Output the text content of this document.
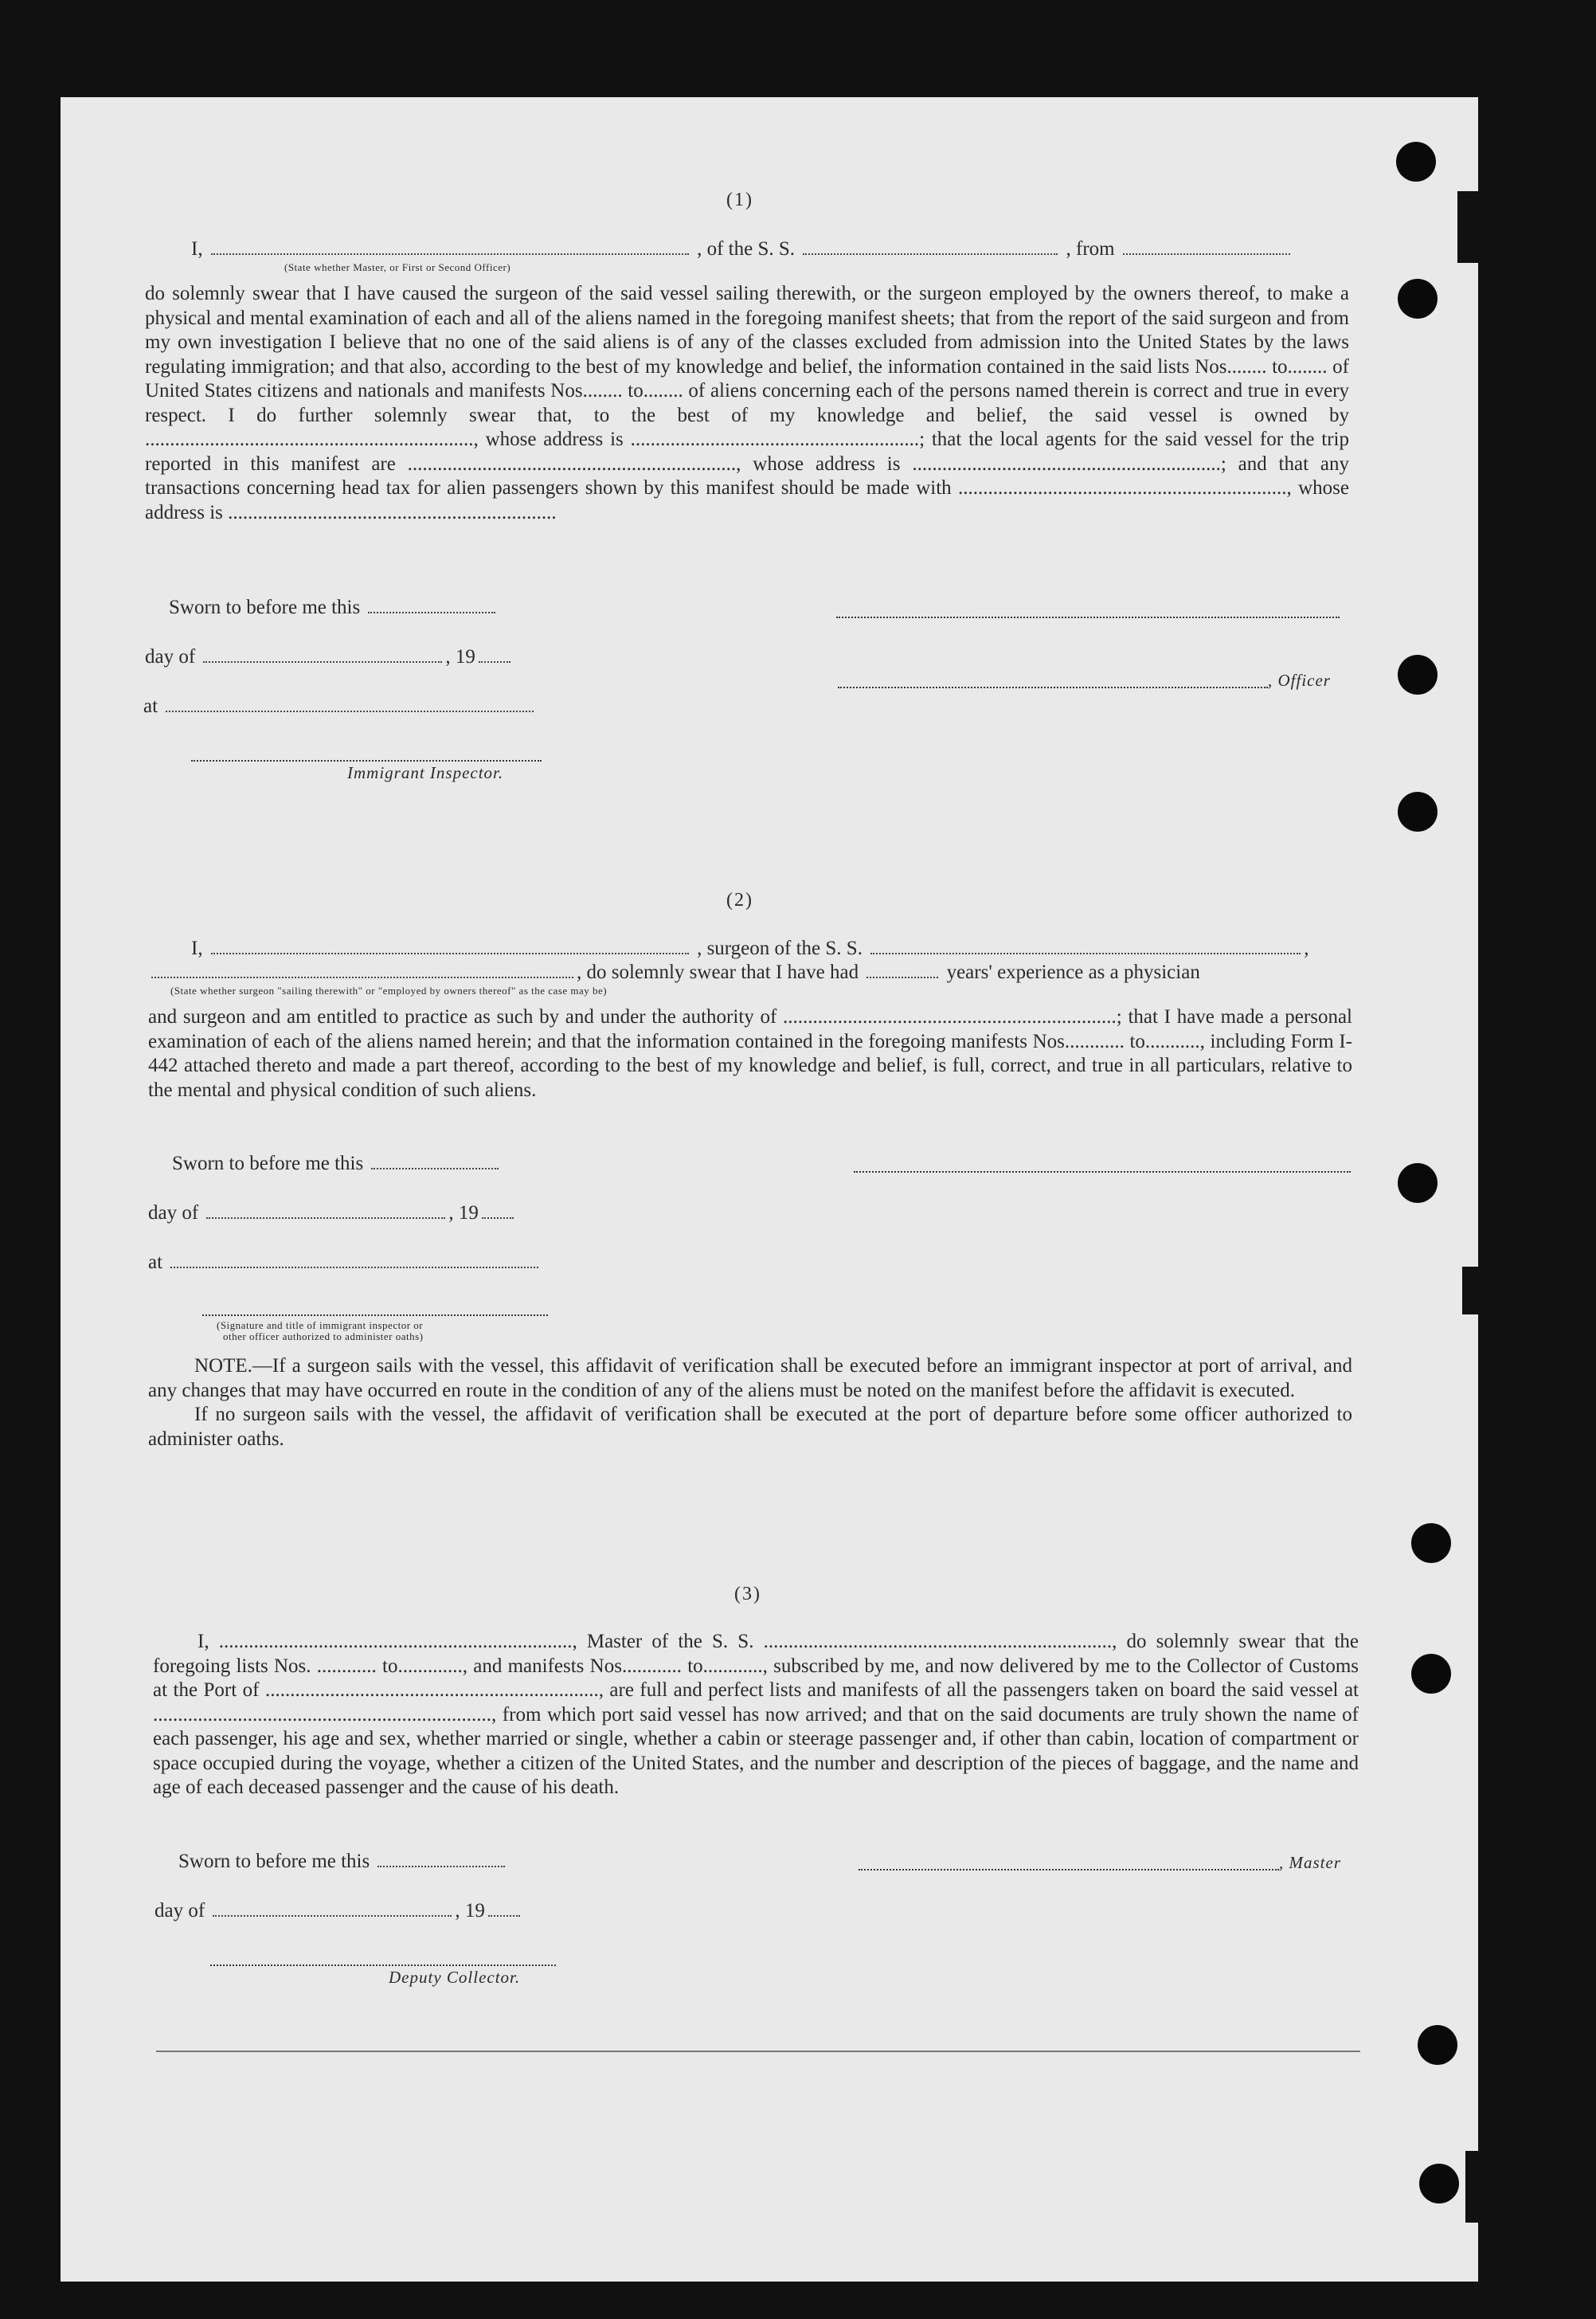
(1)
I,	, of the S. S.	, from
(State whether Master, or First or Second Officer)

do solemnly swear that I have caused the surgeon of the said vessel sailing therewith, or the surgeon employed by the owners thereof, to make a physical and mental examination of each and all of the aliens named in the foregoing manifest sheets; that from the report of the said surgeon and from my own investigation I believe that no one of the said aliens is of any of the classes excluded from admission into the United States by the laws regulating immigration; and that also, according to the best of my knowledge and belief, the information contained in the said lists Nos........ to........ of United States citizens and nationals and manifests Nos........ to........ of aliens concerning each of the persons named therein is correct and true in every respect. I do further solemnly swear that, to the best of my knowledge and belief, the said vessel is owned by .................................................................., whose address is ..........................................................; that the local agents for the said vessel for the trip reported in this manifest are .................................................................., whose address is ..............................................................; and that any transactions concerning head tax for alien passengers shown by this manifest should be made with .................................................................., whose address is ..................................................................

Sworn to before me this
day of	, 19
, Officer
at
Immigrant Inspector.
(2)
I,	, surgeon of the S. S.	,
, do solemnly swear that I have had	years' experience as a physician
(State whether surgeon "sailing therewith" or "employed by owners thereof" as the case may be)

and surgeon and am entitled to practice as such by and under the authority of ...................................................................; that I have made a personal examination of each of the aliens named herein; and that the information contained in the foregoing manifests Nos............ to..........., including Form I-442 attached thereto and made a part thereof, according to the best of my knowledge and belief, is full, correct, and true in all particulars, relative to the mental and physical condition of such aliens.

Sworn to before me this
day of	, 19
at
(Signature and title of immigrant inspector or
other officer authorized to administer oaths)

NOTE.—If a surgeon sails with the vessel, this affidavit of verification shall be executed before an immigrant inspector at port of arrival, and any changes that may have occurred en route in the condition of any of the aliens must be noted on the manifest before the affidavit is executed.

If no surgeon sails with the vessel, the affidavit of verification shall be executed at the port of departure before some officer authorized to administer oaths.

(3)

I, ......................................................................., Master of the S. S. ......................................................................, do solemnly swear that the foregoing lists Nos. ............ to............., and manifests Nos............ to............, subscribed by me, and now delivered by me to the Collector of Customs at the Port of ..................................................................., are full and perfect lists and manifests of all the passengers taken on board the said vessel at ...................................................................., from which port said vessel has now arrived; and that on the said documents are truly shown the name of each passenger, his age and sex, whether married or single, whether a cabin or steerage passenger and, if other than cabin, location of compartment or space occupied during the voyage, whether a citizen of the United States, and the number and description of the pieces of baggage, and the name and age of each deceased passenger and the cause of his death.

Sworn to before me this	, Master
day of	, 19
Deputy Collector.
